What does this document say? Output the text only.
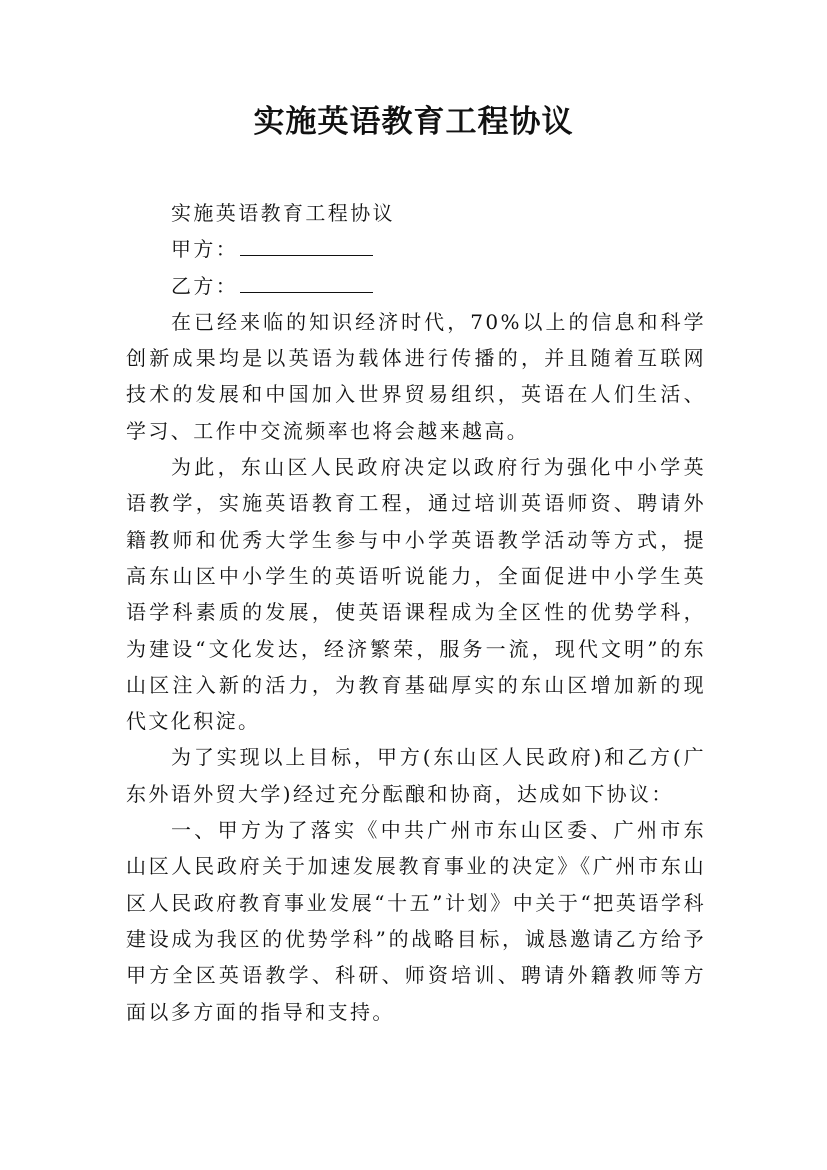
实施英语教育工程协议

实施英语教育工程协议

甲方：

乙方：

在已经来临的知识经济时代，70%以上的信息和科学创新成果均是以英语为载体进行传播的，并且随着互联网技术的发展和中国加入世界贸易组织，英语在人们生活、学习、工作中交流频率也将会越来越高。

为此，东山区人民政府决定以政府行为强化中小学英语教学，实施英语教育工程，通过培训英语师资、聘请外籍教师和优秀大学生参与中小学英语教学活动等方式，提高东山区中小学生的英语听说能力，全面促进中小学生英语学科素质的发展，使英语课程成为全区性的优势学科，为建设“文化发达，经济繁荣，服务一流，现代文明”的东山区注入新的活力，为教育基础厚实的东山区增加新的现代文化积淀。

为了实现以上目标，甲方(东山区人民政府)和乙方(广东外语外贸大学)经过充分酝酿和协商，达成如下协议：

一、甲方为了落实《中共广州市东山区委、广州市东山区人民政府关于加速发展教育事业的决定》《广州市东山区人民政府教育事业发展“十五”计划》中关于“把英语学科建设成为我区的优势学科”的战略目标，诚恳邀请乙方给予甲方全区英语教学、科研、师资培训、聘请外籍教师等方面以多方面的指导和支持。
